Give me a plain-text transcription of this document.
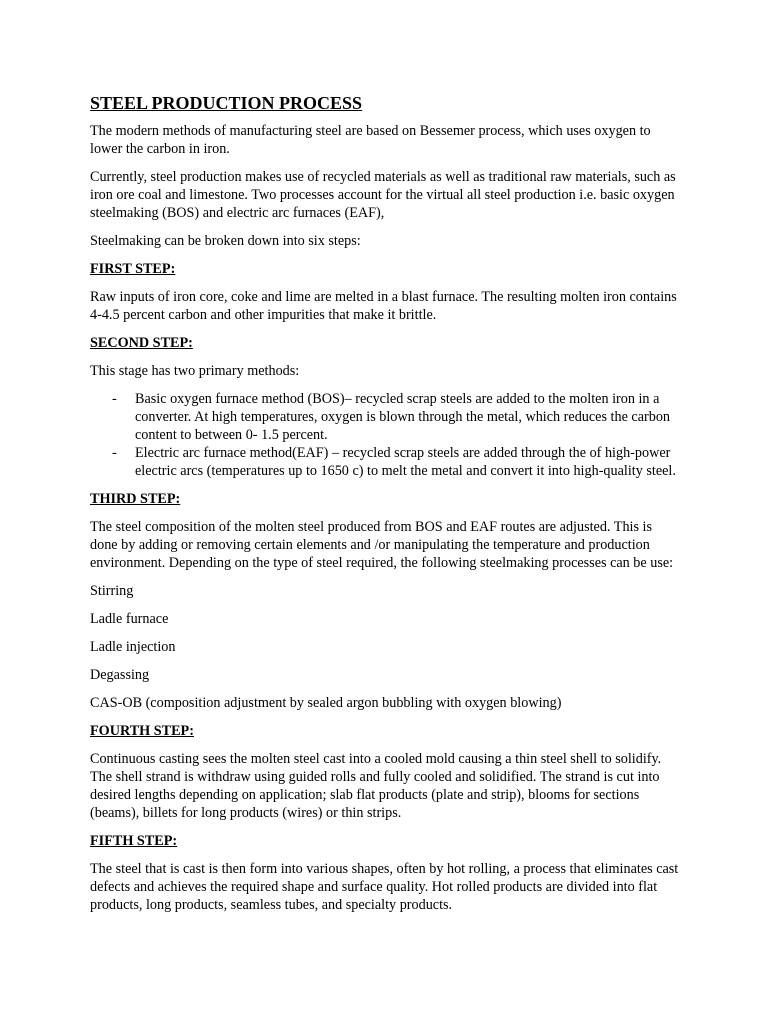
STEEL PRODUCTION PROCESS

The modern methods of manufacturing steel are based on Bessemer process, which uses oxygen to lower the carbon in iron.

Currently, steel production makes use of recycled materials as well as traditional raw materials, such as iron ore coal and limestone. Two processes account for the virtual all steel production i.e. basic oxygen steelmaking (BOS) and electric arc furnaces (EAF),

Steelmaking can be broken down into six steps:

FIRST STEP:

Raw inputs of iron core, coke and lime are melted in a blast furnace. The resulting molten iron contains 4-4.5 percent carbon and other impurities that make it brittle.

SECOND STEP:

This stage has two primary methods:

- Basic oxygen furnace method (BOS)– recycled scrap steels are added to the molten iron in a converter. At high temperatures, oxygen is blown through the metal, which reduces the carbon content to between 0- 1.5 percent.
- Electric arc furnace method(EAF) – recycled scrap steels are added through the of high-power electric arcs (temperatures up to 1650 c) to melt the metal and convert it into high-quality steel.
THIRD STEP:

The steel composition of the molten steel produced from BOS and EAF routes are adjusted. This is done by adding or removing certain elements and /or manipulating the temperature and production environment. Depending on the type of steel required, the following steelmaking processes can be use:

Stirring

Ladle furnace

Ladle injection

Degassing

CAS-OB (composition adjustment by sealed argon bubbling with oxygen blowing)

FOURTH STEP:

Continuous casting sees the molten steel cast into a cooled mold causing a thin steel shell to solidify. The shell strand is withdraw using guided rolls and fully cooled and solidified. The strand is cut into desired lengths depending on application; slab flat products (plate and strip), blooms for sections (beams), billets for long products (wires) or thin strips.

FIFTH STEP:

The steel that is cast is then form into various shapes, often by hot rolling, a process that eliminates cast defects and achieves the required shape and surface quality. Hot rolled products are divided into flat products, long products, seamless tubes, and specialty products.
